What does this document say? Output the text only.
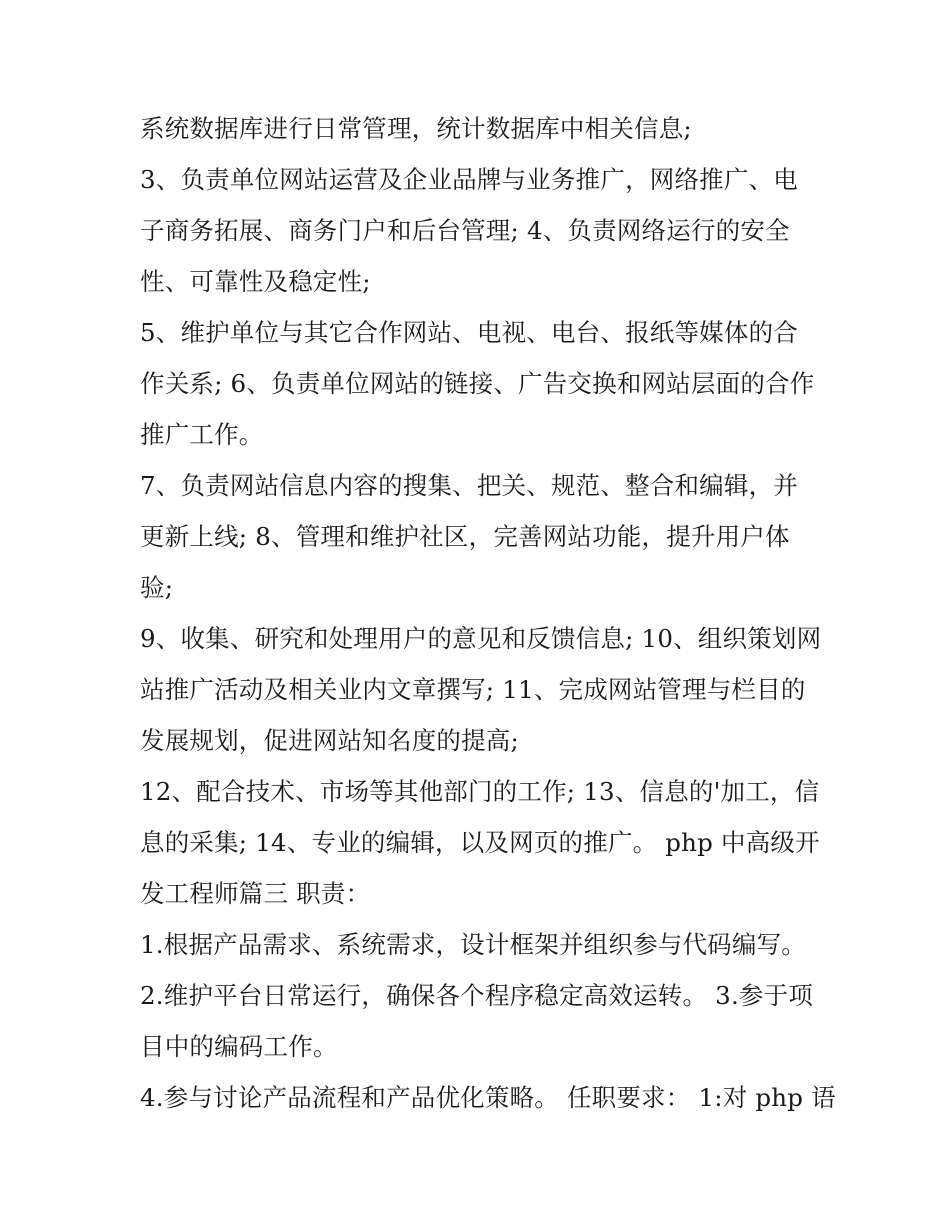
系统数据库进行日常管理，统计数据库中相关信息;
3、负责单位网站运营及企业品牌与业务推广，网络推广、电
子商务拓展、商务门户和后台管理; 4、负责网络运行的安全
性、可靠性及稳定性;
5、维护单位与其它合作网站、电视、电台、报纸等媒体的合
作关系; 6、负责单位网站的链接、广告交换和网站层面的合作
推广工作。
7、负责网站信息内容的搜集、把关、规范、整合和编辑，并
更新上线; 8、管理和维护社区，完善网站功能，提升用户体
验;
9、收集、研究和处理用户的意见和反馈信息; 10、组织策划网
站推广活动及相关业内文章撰写; 11、完成网站管理与栏目的
发展规划，促进网站知名度的提高;
12、配合技术、市场等其他部门的工作; 13、信息的'加工，信
息的采集; 14、专业的编辑，以及网页的推广。 php 中高级开
发工程师篇三 职责：
1.根据产品需求、系统需求，设计框架并组织参与代码编写。
2.维护平台日常运行，确保各个程序稳定高效运转。 3.参于项
目中的编码工作。
4.参与讨论产品流程和产品优化策略。 任职要求： 1:对 php 语
